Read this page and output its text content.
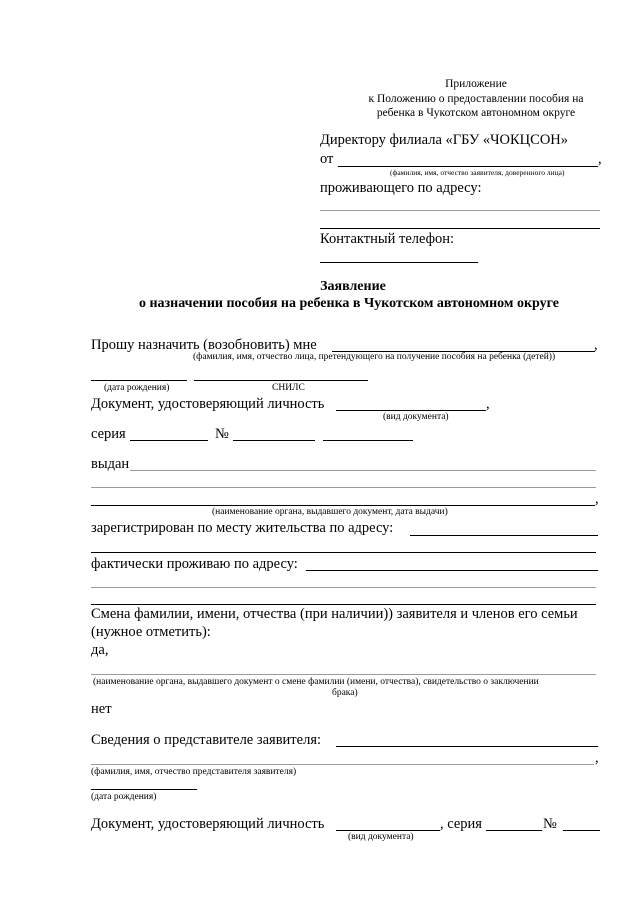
Приложение
к Положению о предоставлении пособия на
ребенка в Чукотском автономном округе
Директору филиала «ГБУ «ЧОКЦСОН»
от	,
(фамилия, имя, отчество заявителя, доверенного лица)
проживающего по адресу:
Контактный телефон:
Заявление
о назначении пособия на ребенка в Чукотском автономном округе
Прошу назначить (возобновить) мне	,
(фамилия, имя, отчество лица, претендующего на получение пособия на ребенка (детей))
(дата рождения)	СНИЛС
Документ, удостоверяющий личность	,
(вид документа)
серия	№
выдан
,
(наименование органа, выдавшего документ, дата выдачи)
зарегистрирован по месту жительства по адресу:
фактически проживаю по адресу:
Смена фамилии, имени, отчества (при наличии)) заявителя и членов его семьи
(нужное отметить):
да,
(наименование органа, выдавшего документ о смене фамилии (имени, отчества), свидетельство о заключении
брака)
нет
Сведения о представителе заявителя:
,
(фамилия, имя, отчество представителя заявителя)
(дата рождения)
Документ, удостоверяющий личность	, серия	№
(вид документа)
